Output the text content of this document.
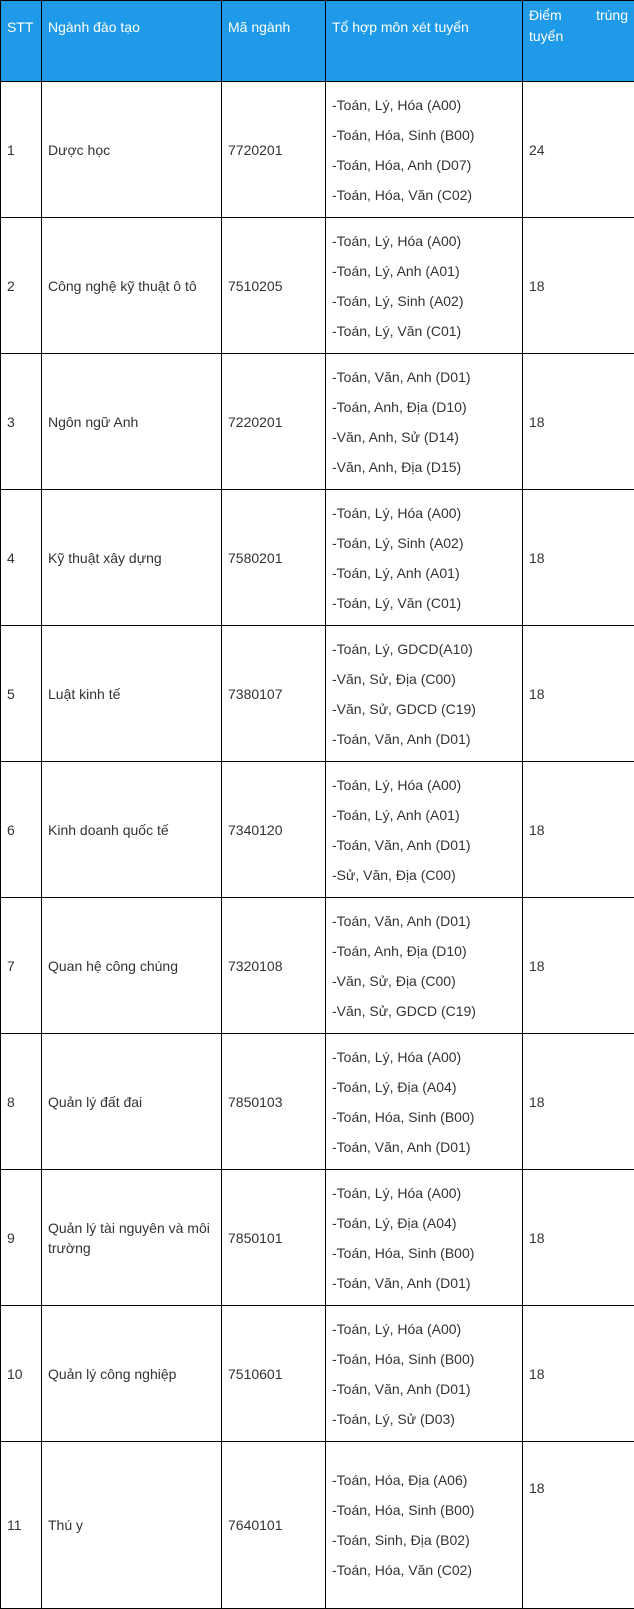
STT	Ngành đào tạo	Mã ngành	Tổ hợp môn xét tuyển	Điểm trúng tuyển
1	Dược học	7720201	-Toán, Lý, Hóa (A00)
-Toán, Hóa, Sinh (B00)
-Toán, Hóa, Anh (D07)
-Toán, Hóa, Văn (C02)	24
2	Công nghệ kỹ thuật ô tô	7510205	-Toán, Lý, Hóa (A00)
-Toán, Lý, Anh (A01)
-Toán, Lý, Sinh (A02)
-Toán, Lý, Văn (C01)	18
3	Ngôn ngữ Anh	7220201	-Toán, Văn, Anh (D01)
-Toán, Anh, Địa (D10)
-Văn, Anh, Sử (D14)
-Văn, Anh, Địa (D15)	18
4	Kỹ thuật xây dựng	7580201	-Toán, Lý, Hóa (A00)
-Toán, Lý, Sinh (A02)
-Toán, Lý, Anh (A01)
-Toán, Lý, Văn (C01)	18
5	Luật kinh tế	7380107	-Toán, Lý, GDCD(A10)
-Văn, Sử, Địa (C00)
-Văn, Sử, GDCD (C19)
-Toán, Văn, Anh (D01)	18
6	Kinh doanh quốc tế	7340120	-Toán, Lý, Hóa (A00)
-Toán, Lý, Anh (A01)
-Toán, Văn, Anh (D01)
-Sử, Văn, Địa (C00)	18
7	Quan hệ công chúng	7320108	-Toán, Văn, Anh (D01)
-Toán, Anh, Địa (D10)
-Văn, Sử, Địa (C00)
-Văn, Sử, GDCD (C19)	18
8	Quản lý đất đai	7850103	-Toán, Lý, Hóa (A00)
-Toán, Lý, Địa (A04)
-Toán, Hóa, Sinh (B00)
-Toán, Văn, Anh (D01)	18
9	Quản lý tài nguyên và môi trường	7850101	-Toán, Lý, Hóa (A00)
-Toán, Lý, Địa (A04)
-Toán, Hóa, Sinh (B00)
-Toán, Văn, Anh (D01)	18
10	Quản lý công nghiệp	7510601	-Toán, Lý, Hóa (A00)
-Toán, Hóa, Sinh (B00)
-Toán, Văn, Anh (D01)
-Toán, Lý, Sử (D03)	18
11	Thú y	7640101	-Toán, Hóa, Địa (A06)
-Toán, Hóa, Sinh (B00)
-Toán, Sinh, Địa (B02)
-Toán, Hóa, Văn (C02)	18
